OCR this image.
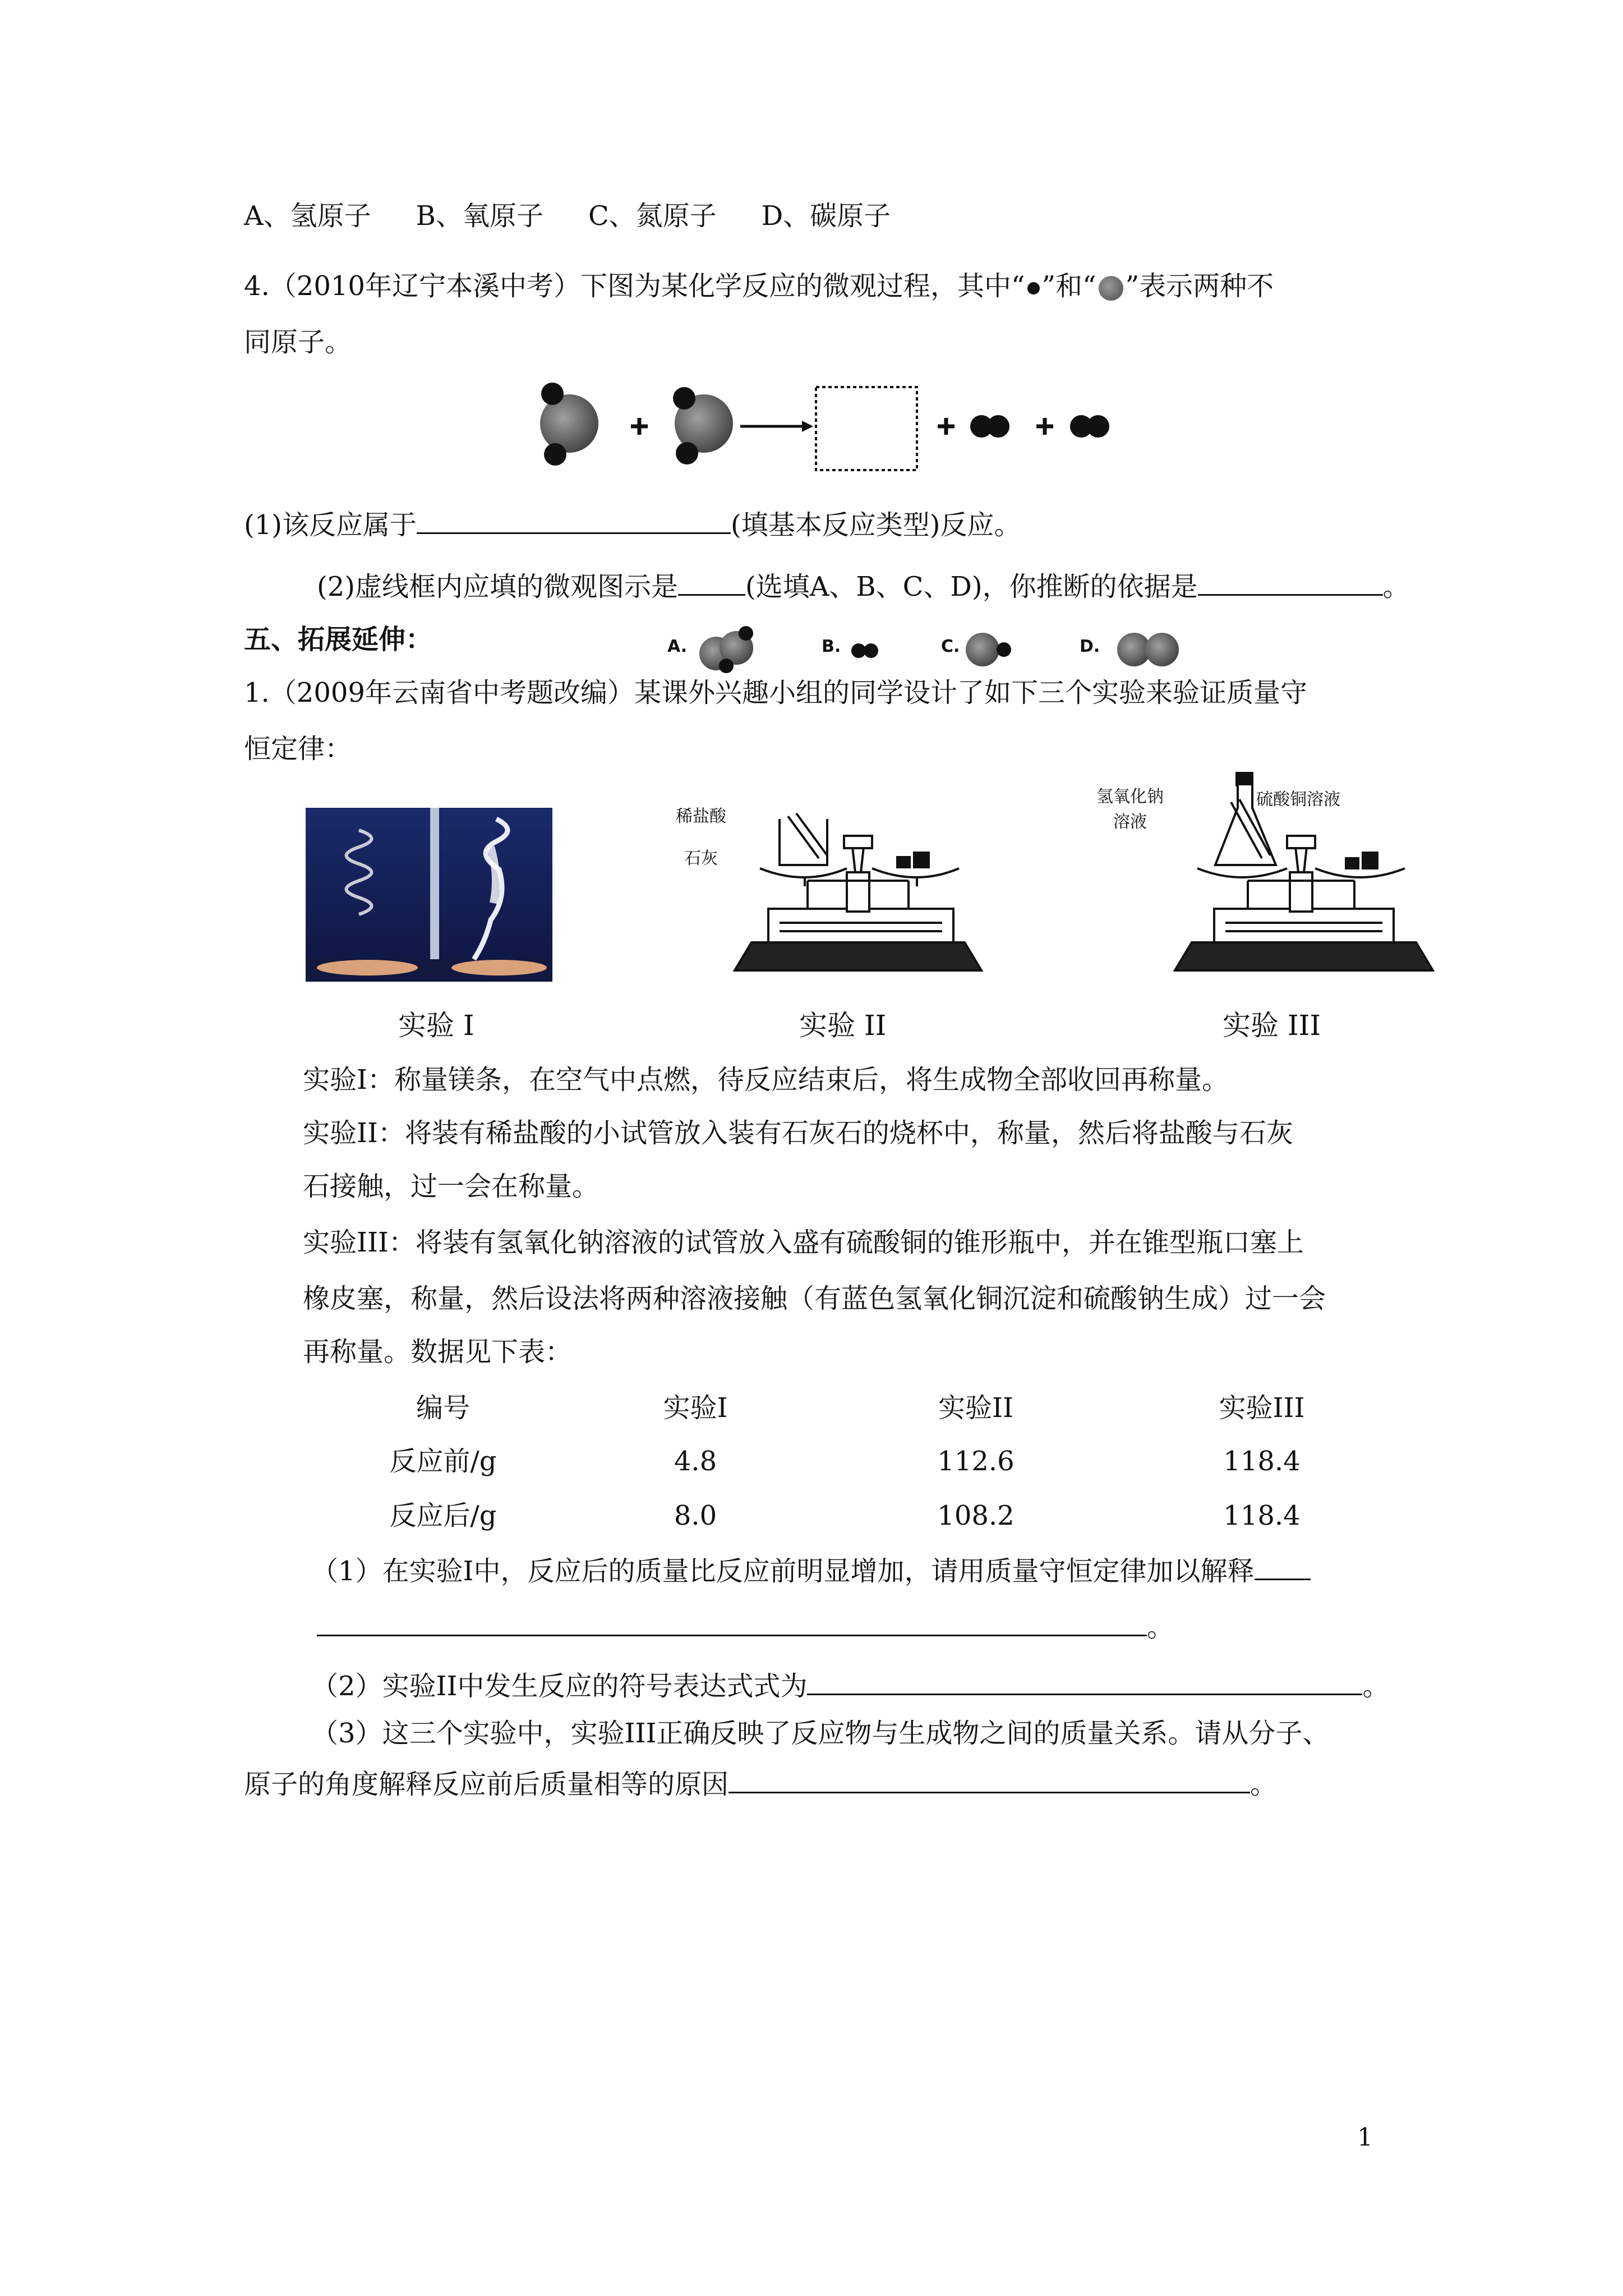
A、氢原子 B、氧原子 C、氮原子 D、碳原子
4.（2010年辽宁本溪中考）下图为某化学反应的微观过程，其中“ ”和“ ”表示两种不
同原子。
(1)该反应属于	(填基本反应类型)反应。
(2)虚线框内应填的微观图示是	(选填A、B、C、D)，你推断的依据是	。
五、拓展延伸：	A.	B.	C.	D.
1.（2009年云南省中考题改编）某课外兴趣小组的同学设计了如下三个实验来验证质量守
恒定律：
稀盐酸
石灰
氢氧化钠
溶液
硫酸铜溶液
实验 I	实验 II	实验 III
实验Ⅰ：称量镁条，在空气中点燃，待反应结束后，将生成物全部收回再称量。
实验II：将装有稀盐酸的小试管放入装有石灰石的烧杯中，称量，然后将盐酸与石灰
石接触，过一会在称量。
实验III：将装有氢氧化钠溶液的试管放入盛有硫酸铜的锥形瓶中，并在锥型瓶口塞上
橡皮塞，称量，然后设法将两种溶液接触（有蓝色氢氧化铜沉淀和硫酸钠生成）过一会
再称量。数据见下表：
编号	实验Ⅰ	实验II	实验III
反应前/g	4.8	112.6	118.4
反应后/g	8.0	108.2	118.4
（1）在实验Ⅰ中，反应后的质量比反应前明显增加，请用质量守恒定律加以解释
。
（2）实验II中发生反应的符号表达式式为	。
（3）这三个实验中，实验III正确反映了反应物与生成物之间的质量关系。请从分子、
原子的角度解释反应前后质量相等的原因	。
1
